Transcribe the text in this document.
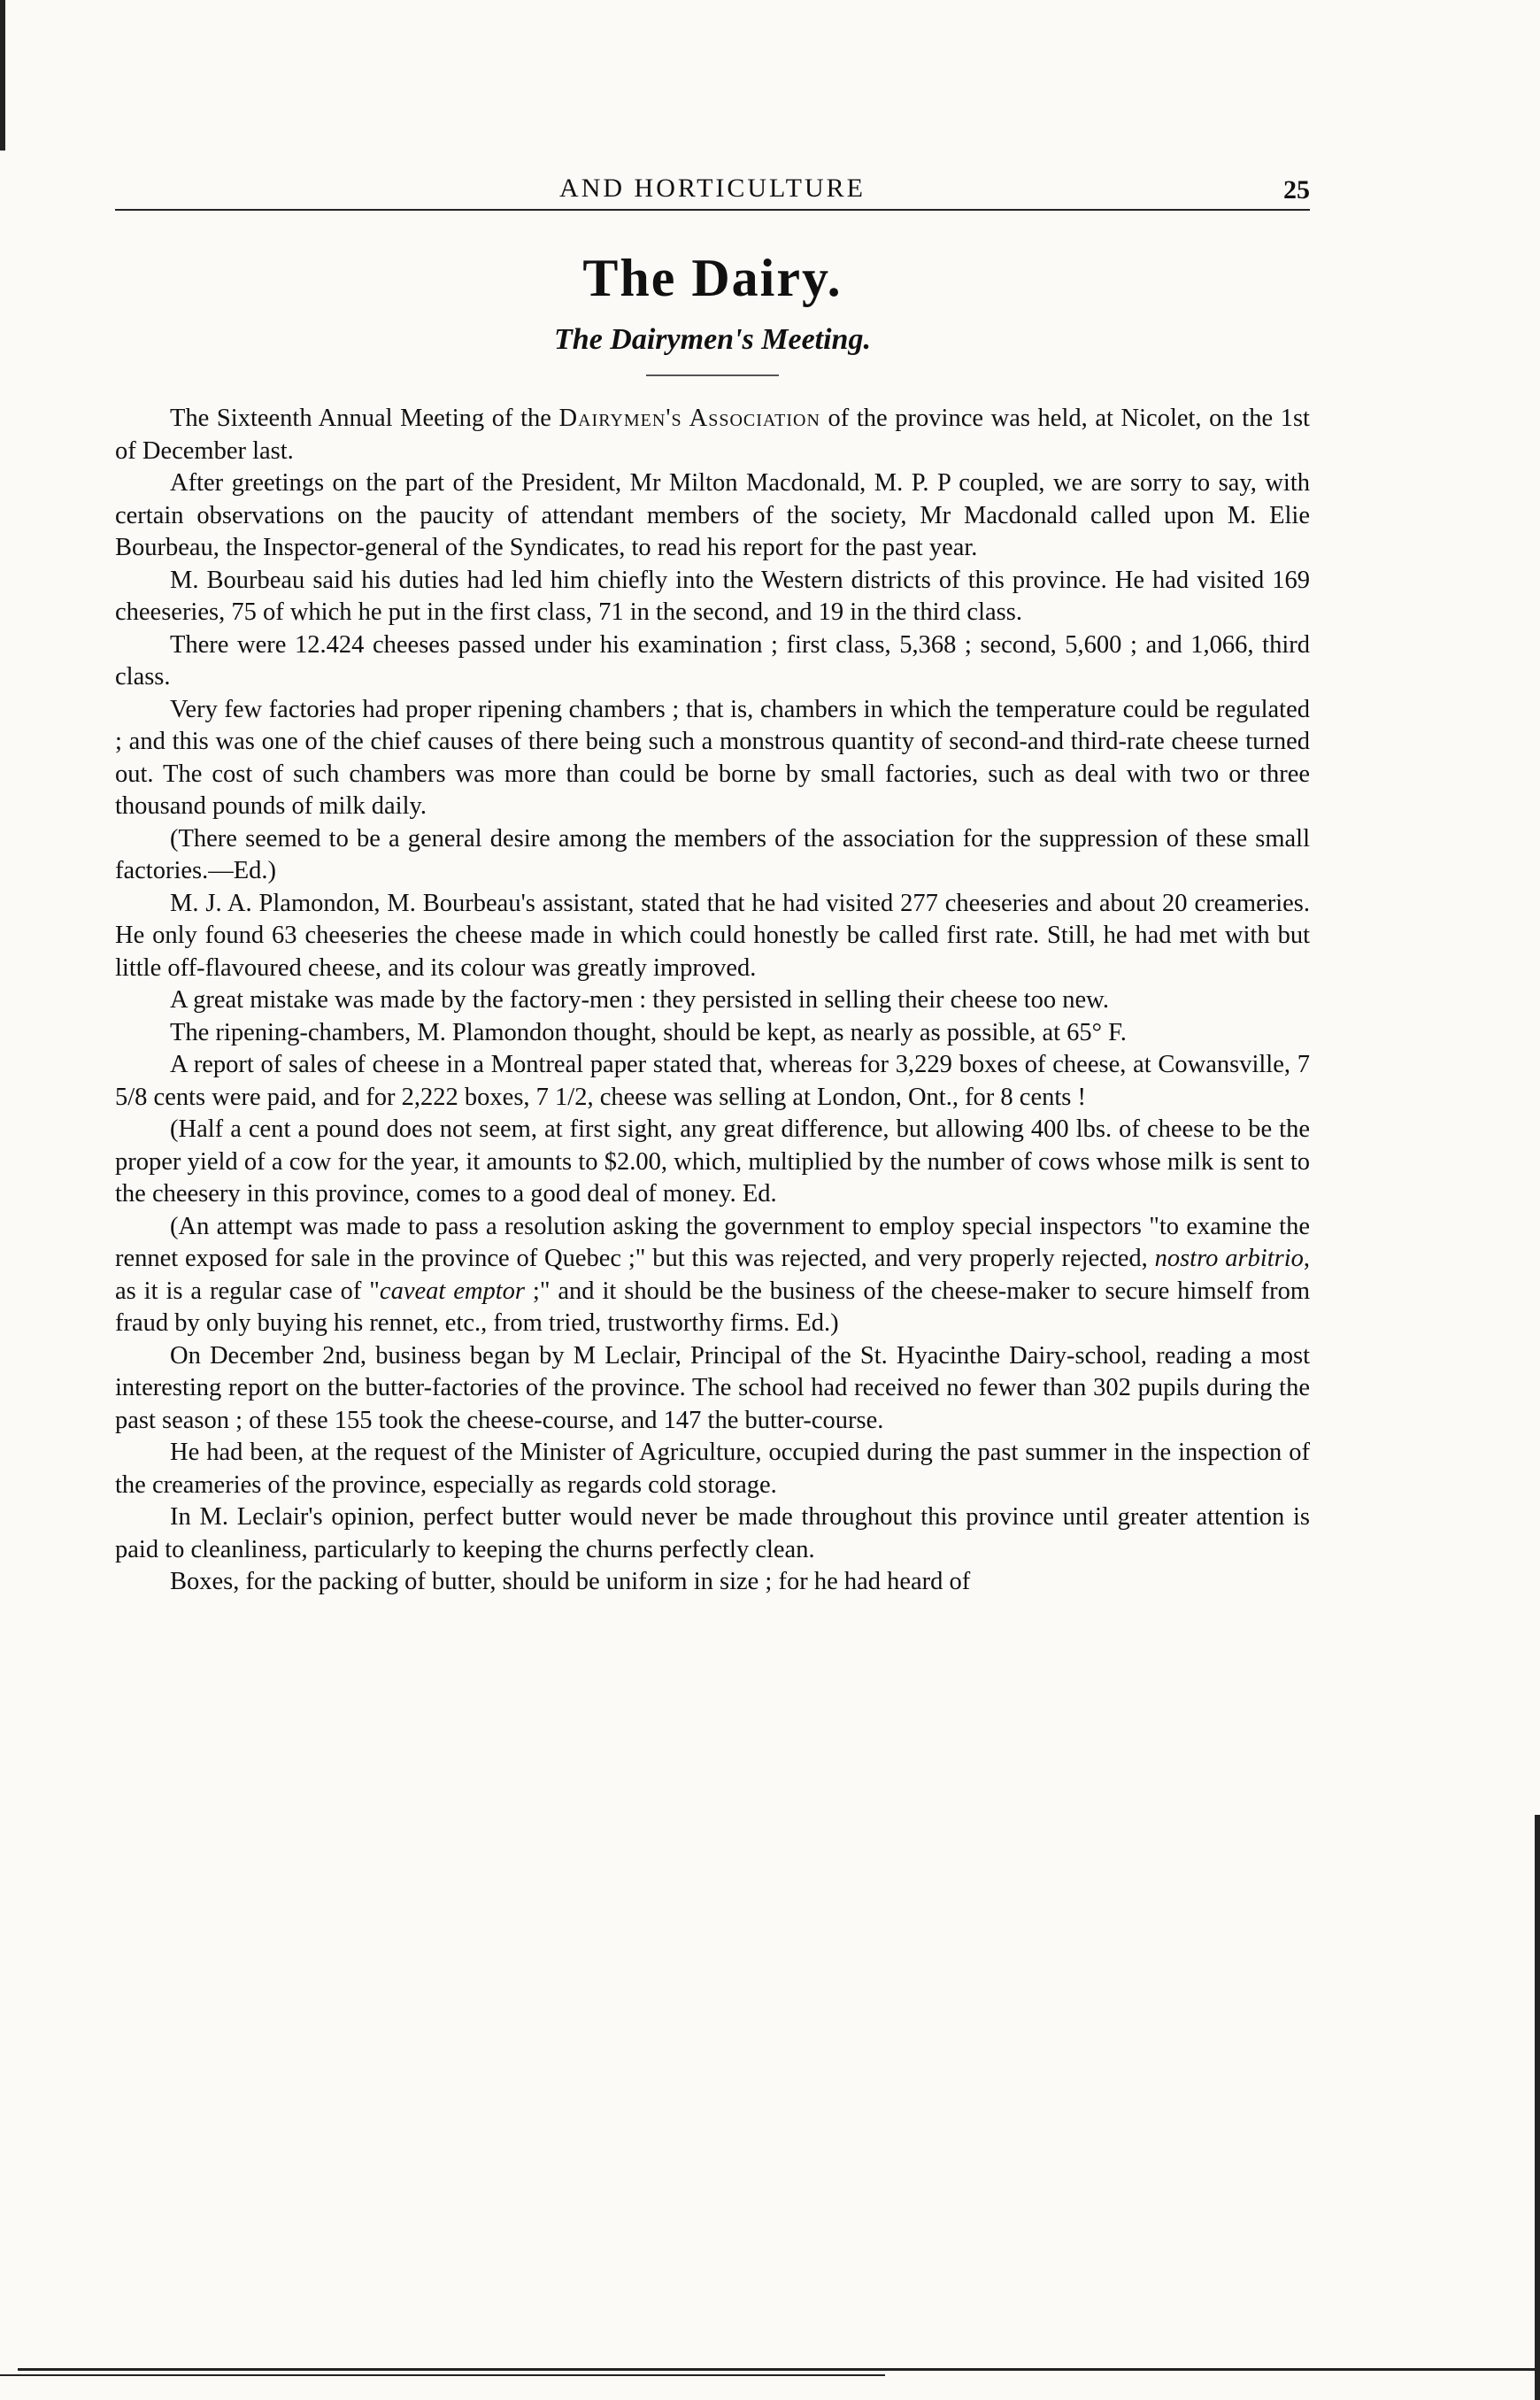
AND HORTICULTURE	25
The Dairy.
The Dairymen's Meeting.

The Sixteenth Annual Meeting of the Dairymen's Association of the province was held, at Nicolet, on the 1st of December last.

After greetings on the part of the President, Mr Milton Macdonald, M. P. P coupled, we are sorry to say, with certain observations on the paucity of attendant members of the society, Mr Macdonald called upon M. Elie Bourbeau, the Inspector-general of the Syndicates, to read his report for the past year.

M. Bourbeau said his duties had led him chiefly into the Western districts of this province. He had visited 169 cheeseries, 75 of which he put in the first class, 71 in the second, and 19 in the third class.

There were 12.424 cheeses passed under his examination ; first class, 5,368 ; second, 5,600 ; and 1,066, third class.

Very few factories had proper ripening chambers ; that is, chambers in which the temperature could be regulated ; and this was one of the chief causes of there being such a monstrous quantity of second-and third-rate cheese turned out. The cost of such chambers was more than could be borne by small factories, such as deal with two or three thousand pounds of milk daily.

(There seemed to be a general desire among the members of the association for the suppression of these small factories.—Ed.)

M. J. A. Plamondon, M. Bourbeau's assistant, stated that he had visited 277 cheeseries and about 20 creameries. He only found 63 cheeseries the cheese made in which could honestly be called first rate. Still, he had met with but little off-flavoured cheese, and its colour was greatly improved.

A great mistake was made by the factory-men : they persisted in selling their cheese too new.

The ripening-chambers, M. Plamondon thought, should be kept, as nearly as possible, at 65° F.

A report of sales of cheese in a Montreal paper stated that, whereas for 3,229 boxes of cheese, at Cowansville, 7 5/8 cents were paid, and for 2,222 boxes, 7 1/2, cheese was selling at London, Ont., for 8 cents !

(Half a cent a pound does not seem, at first sight, any great difference, but allowing 400 lbs. of cheese to be the proper yield of a cow for the year, it amounts to $2.00, which, multiplied by the number of cows whose milk is sent to the cheesery in this province, comes to a good deal of money. Ed.

(An attempt was made to pass a resolution asking the government to employ special inspectors "to examine the rennet exposed for sale in the province of Quebec ;" but this was rejected, and very properly rejected, nostro arbitrio, as it is a regular case of "caveat emptor ;" and it should be the business of the cheese-maker to secure himself from fraud by only buying his rennet, etc., from tried, trustworthy firms. Ed.)

On December 2nd, business began by M Leclair, Principal of the St. Hyacinthe Dairy-school, reading a most interesting report on the butter-factories of the province. The school had received no fewer than 302 pupils during the past season ; of these 155 took the cheese-course, and 147 the butter-course.

He had been, at the request of the Minister of Agriculture, occupied during the past summer in the inspection of the creameries of the province, especially as regards cold storage.

In M. Leclair's opinion, perfect butter would never be made throughout this province until greater attention is paid to cleanliness, particularly to keeping the churns perfectly clean.

Boxes, for the packing of butter, should be uniform in size ; for he had heard of
